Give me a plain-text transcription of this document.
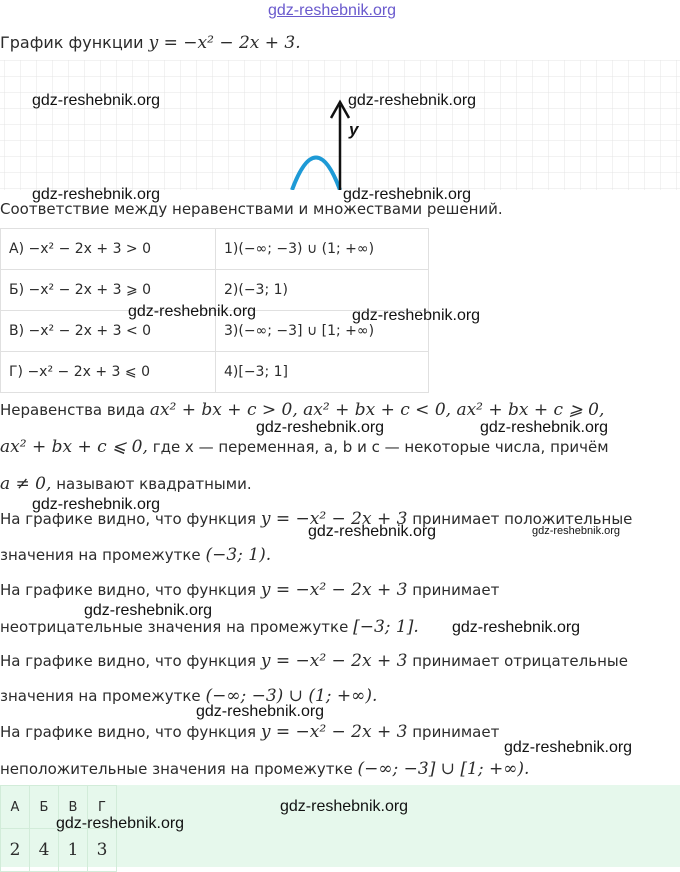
gdz-reshebnik.org
График функции y = −x² − 2x + 3.
y
Соответствие между неравенствами и множествами решений.
А) −x² − 2x + 3 > 0	1)(−∞; −3) ∪ (1; +∞)
Б) −x² − 2x + 3 ⩾ 0	2)(−3; 1)
В) −x² − 2x + 3 < 0	3)(−∞; −3] ∪ [1; +∞)
Г) −x² − 2x + 3 ⩽ 0	4)[−3; 1]
Неравенства вида ax² + bx + c > 0, ax² + bx + c < 0, ax² + bx + c ⩾ 0,
ax² + bx + c ⩽ 0, где x — переменная, a, b и c — некоторые числа, причём
a ≠ 0, называют квадратными.
На графике видно, что функция y = −x² − 2x + 3 принимает положительные
значения на промежутке (−3; 1).
На графике видно, что функция y = −x² − 2x + 3 принимает
неотрицательные значения на промежутке [−3; 1].
На графике видно, что функция y = −x² − 2x + 3 принимает отрицательные
значения на промежутке (−∞; −3) ∪ (1; +∞).
На графике видно, что функция y = −x² − 2x + 3 принимает
неположительные значения на промежутке (−∞; −3] ∪ [1; +∞).
А	Б	В	Г
2	4	1	3
gdz-reshebnik.org	gdz-reshebnik.org
gdz-reshebnik.org	gdz-reshebnik.org
gdz-reshebnik.org	gdz-reshebnik.org
gdz-reshebnik.org	gdz-reshebnik.org
gdz-reshebnik.org
gdz-reshebnik.org	gdz-reshebnik.org
gdz-reshebnik.org
gdz-reshebnik.org
gdz-reshebnik.org
gdz-reshebnik.org
gdz-reshebnik.org
gdz-reshebnik.org
